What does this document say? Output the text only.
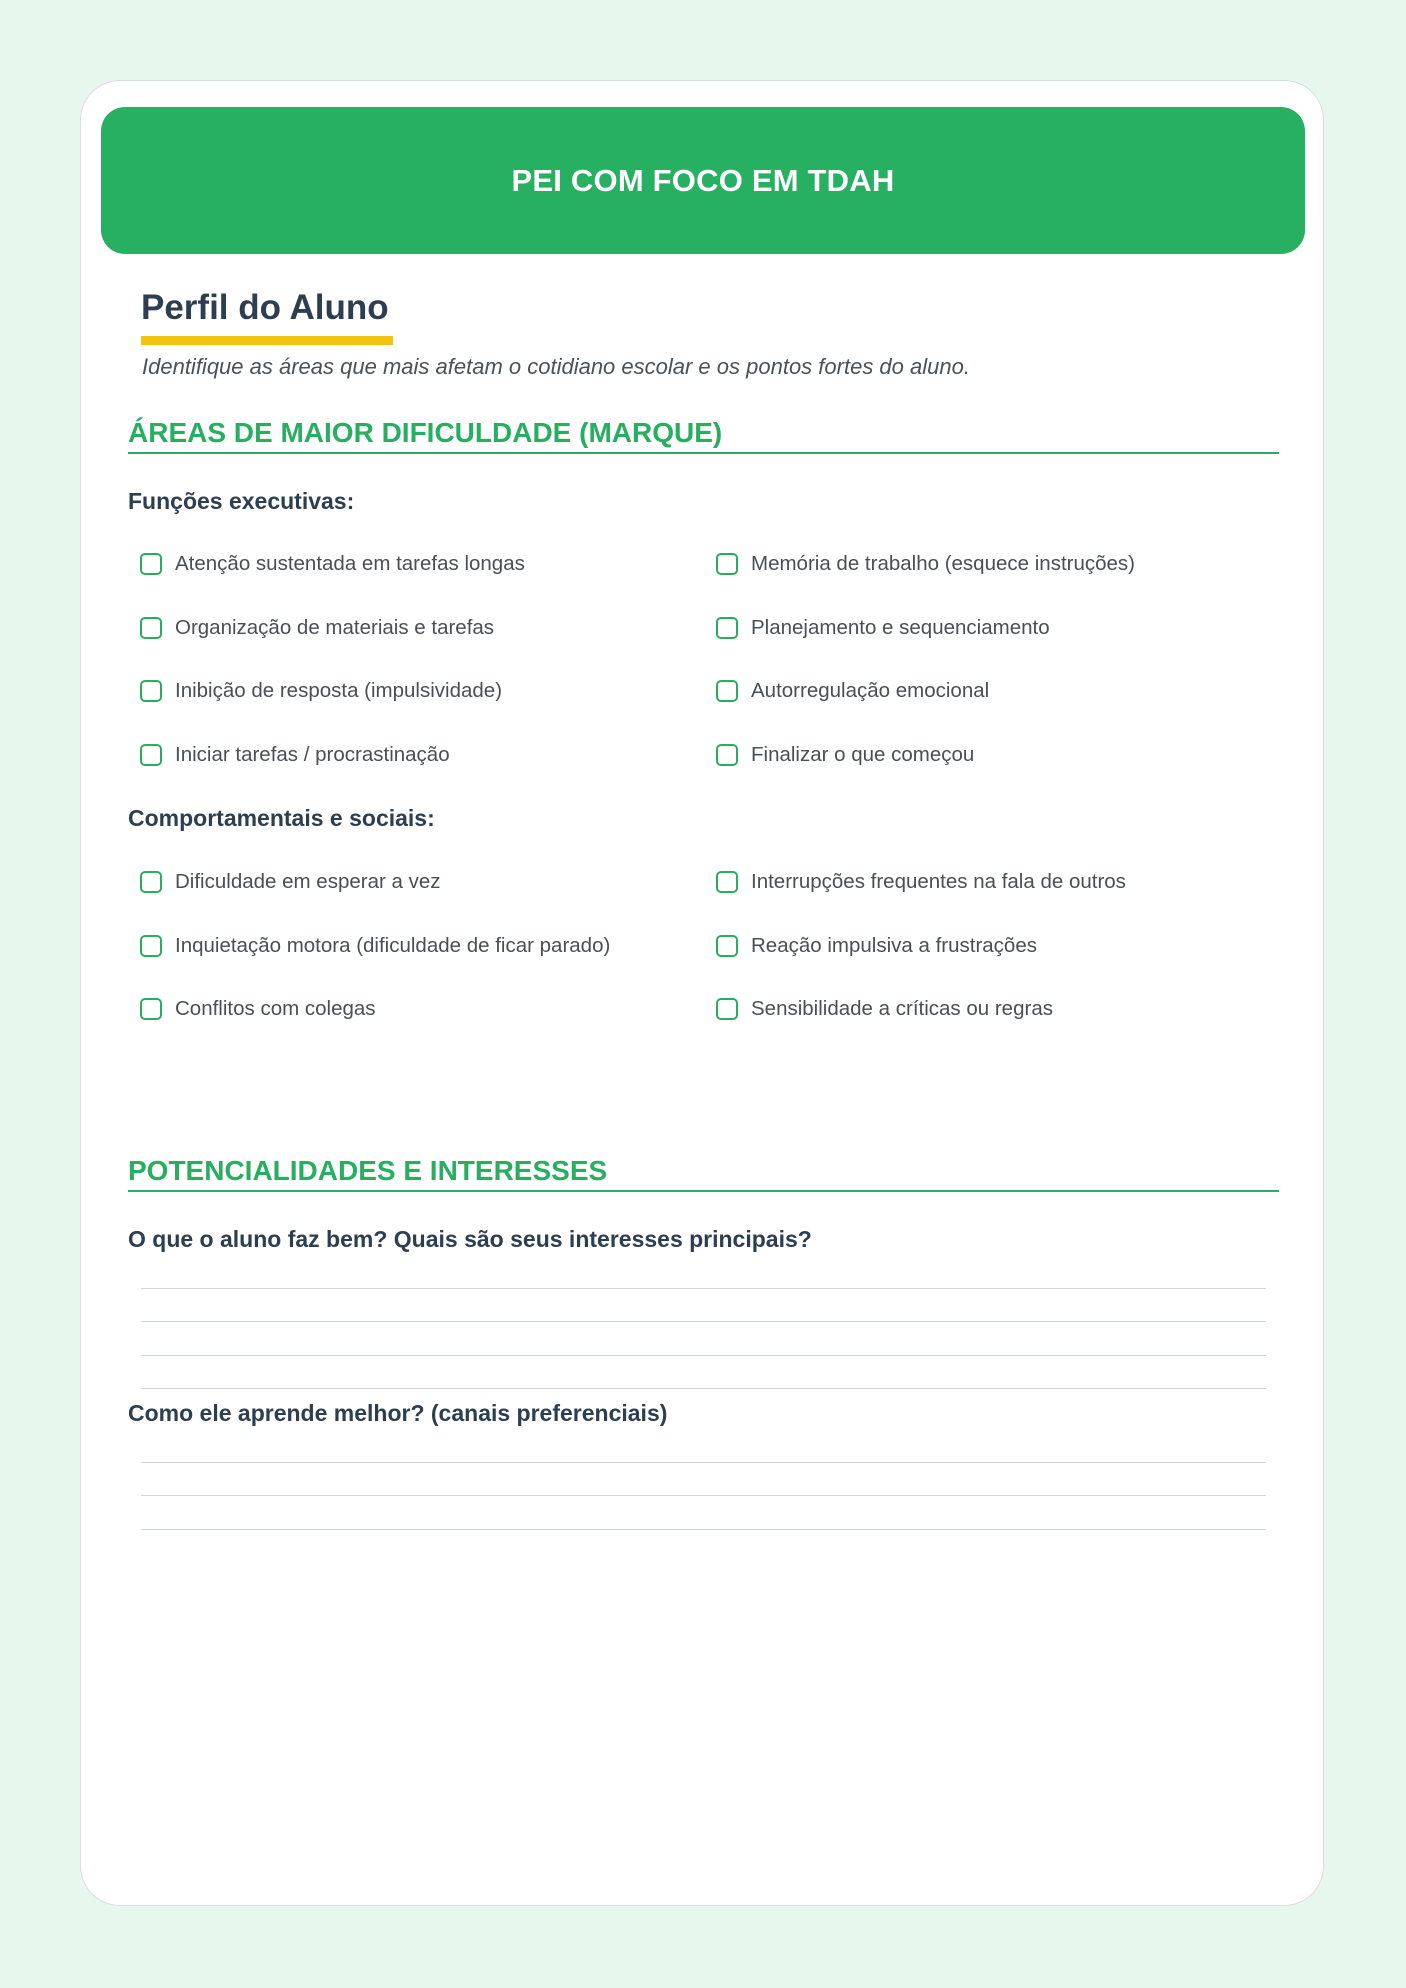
PEI COM FOCO EM TDAH
Perfil do Aluno

Identifique as áreas que mais afetam o cotidiano escolar e os pontos fortes do aluno.

ÁREAS DE MAIOR DIFICULDADE (MARQUE)
Funções executivas:
Atenção sustentada em tarefas longas
Organização de materiais e tarefas
Inibição de resposta (impulsividade)
Iniciar tarefas / procrastinação
Memória de trabalho (esquece instruções)
Planejamento e sequenciamento
Autorregulação emocional
Finalizar o que começou
Comportamentais e sociais:
Dificuldade em esperar a vez
Inquietação motora (dificuldade de ficar parado)
Conflitos com colegas
Interrupções frequentes na fala de outros
Reação impulsiva a frustrações
Sensibilidade a críticas ou regras
POTENCIALIDADES E INTERESSES
O que o aluno faz bem? Quais são seus interesses principais?
Como ele aprende melhor? (canais preferenciais)
